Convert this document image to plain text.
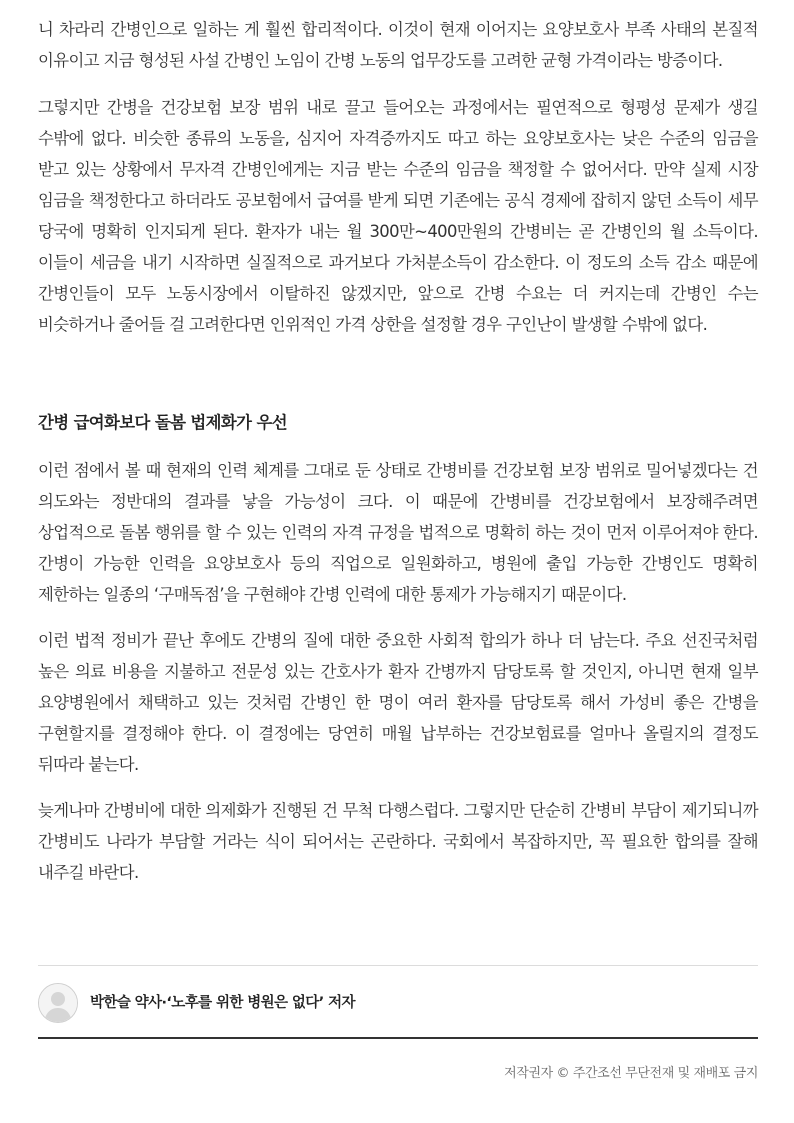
니 차라리 간병인으로 일하는 게 훨씬 합리적이다. 이것이 현재 이어지는 요양보호사 부족 사태의 본질적 이유이고 지금 형성된 사설 간병인 노임이 간병 노동의 업무강도를 고려한 균형 가격이라는 방증이다.

그렇지만 간병을 건강보험 보장 범위 내로 끌고 들어오는 과정에서는 필연적으로 형평성 문제가 생길 수밖에 없다. 비슷한 종류의 노동을, 심지어 자격증까지도 따고 하는 요양보호사는 낮은 수준의 임금을 받고 있는 상황에서 무자격 간병인에게는 지금 받는 수준의 임금을 책정할 수 없어서다. 만약 실제 시장 임금을 책정한다고 하더라도 공보험에서 급여를 받게 되면 기존에는 공식 경제에 잡히지 않던 소득이 세무 당국에 명확히 인지되게 된다. 환자가 내는 월 300만~400만원의 간병비는 곧 간병인의 월 소득이다. 이들이 세금을 내기 시작하면 실질적으로 과거보다 가처분소득이 감소한다. 이 정도의 소득 감소 때문에 간병인들이 모두 노동시장에서 이탈하진 않겠지만, 앞으로 간병 수요는 더 커지는데 간병인 수는 비슷하거나 줄어들 걸 고려한다면 인위적인 가격 상한을 설정할 경우 구인난이 발생할 수밖에 없다.

간병 급여화보다 돌봄 법제화가 우선

이런 점에서 볼 때 현재의 인력 체계를 그대로 둔 상태로 간병비를 건강보험 보장 범위로 밀어넣겠다는 건 의도와는 정반대의 결과를 낳을 가능성이 크다. 이 때문에 간병비를 건강보험에서 보장해주려면 상업적으로 돌봄 행위를 할 수 있는 인력의 자격 규정을 법적으로 명확히 하는 것이 먼저 이루어져야 한다. 간병이 가능한 인력을 요양보호사 등의 직업으로 일원화하고, 병원에 출입 가능한 간병인도 명확히 제한하는 일종의 ‘구매독점’을 구현해야 간병 인력에 대한 통제가 가능해지기 때문이다.

이런 법적 정비가 끝난 후에도 간병의 질에 대한 중요한 사회적 합의가 하나 더 남는다. 주요 선진국처럼 높은 의료 비용을 지불하고 전문성 있는 간호사가 환자 간병까지 담당토록 할 것인지, 아니면 현재 일부 요양병원에서 채택하고 있는 것처럼 간병인 한 명이 여러 환자를 담당토록 해서 가성비 좋은 간병을 구현할지를 결정해야 한다. 이 결정에는 당연히 매월 납부하는 건강보험료를 얼마나 올릴지의 결정도 뒤따라 붙는다.

늦게나마 간병비에 대한 의제화가 진행된 건 무척 다행스럽다. 그렇지만 단순히 간병비 부담이 제기되니까 간병비도 나라가 부담할 거라는 식이 되어서는 곤란하다. 국회에서 복잡하지만, 꼭 필요한 합의를 잘해 내주길 바란다.

박한슬 약사·‘노후를 위한 병원은 없다’ 저자
저작권자 © 주간조선 무단전재 및 재배포 금지
